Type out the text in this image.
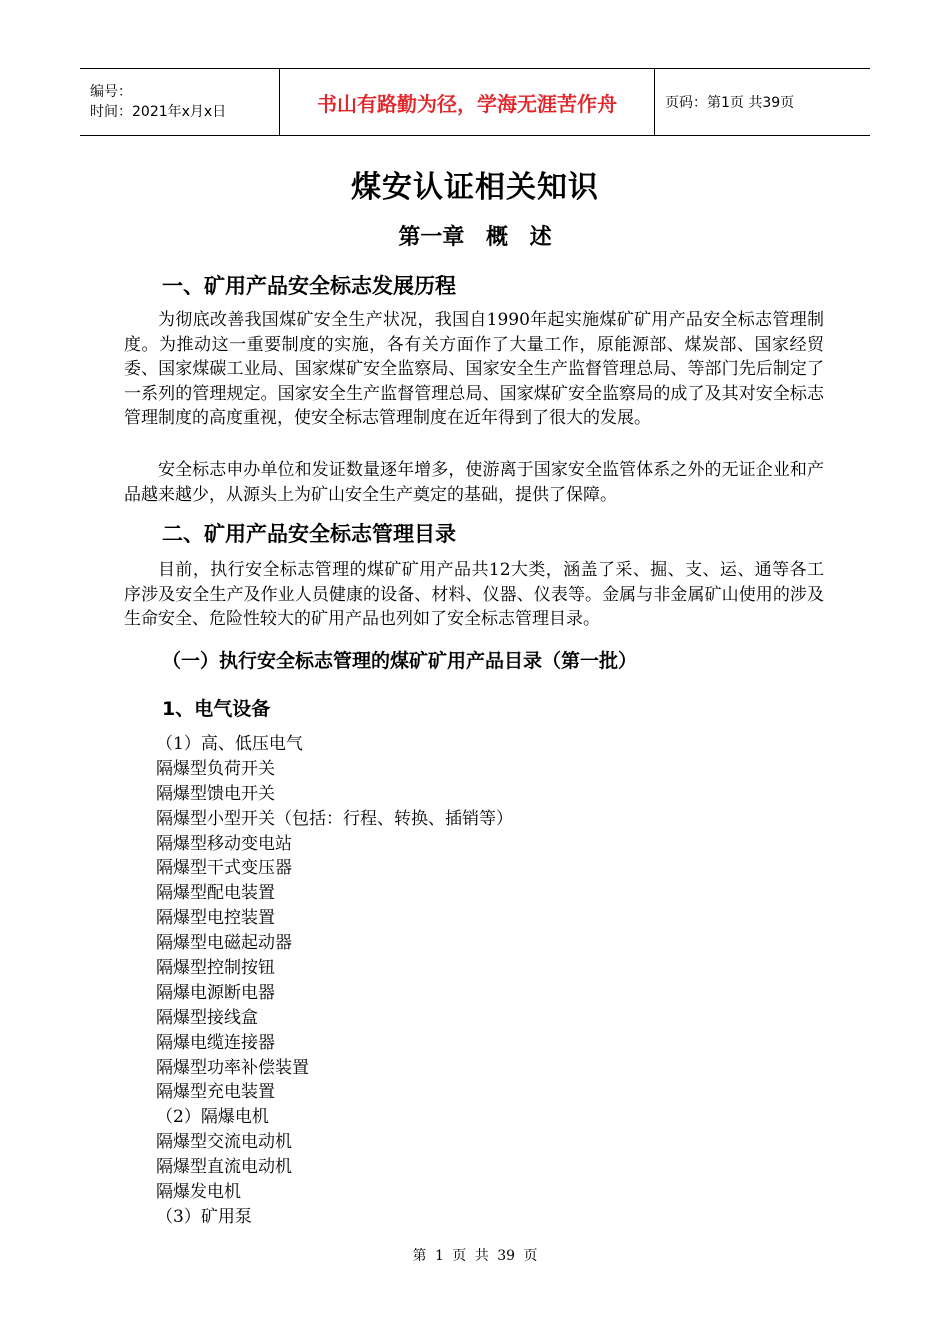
编号：
时间：2021年x月x日	书山有路勤为径，学海无涯苦作舟	页码：第1页 共39页
煤安认证相关知识
第一章 概 述
一、矿用产品安全标志发展历程
为彻底改善我国煤矿安全生产状况，我国自1990年起实施煤矿矿用产品安全标志管理制度。为推动这一重要制度的实施，各有关方面作了大量工作，原能源部、煤炭部、国家经贸委、国家煤碳工业局、国家煤矿安全监察局、国家安全生产监督管理总局、等部门先后制定了一系列的管理规定。国家安全生产监督管理总局、国家煤矿安全监察局的成了及其对安全标志管理制度的高度重视，使安全标志管理制度在近年得到了很大的发展。
安全标志申办单位和发证数量逐年增多，使游离于国家安全监管体系之外的无证企业和产品越来越少，从源头上为矿山安全生产奠定的基础，提供了保障。
二、矿用产品安全标志管理目录
目前，执行安全标志管理的煤矿矿用产品共12大类，涵盖了采、掘、支、运、通等各工序涉及安全生产及作业人员健康的设备、材料、仪器、仪表等。金属与非金属矿山使用的涉及生命安全、危险性较大的矿用产品也列如了安全标志管理目录。
（一）执行安全标志管理的煤矿矿用产品目录（第一批）
1、电气设备
（1）高、低压电气
隔爆型负荷开关
隔爆型馈电开关
隔爆型小型开关（包括：行程、转换、插销等）
隔爆型移动变电站
隔爆型干式变压器
隔爆型配电装置
隔爆型电控装置
隔爆型电磁起动器
隔爆型控制按钮
隔爆电源断电器
隔爆型接线盒
隔爆电缆连接器
隔爆型功率补偿装置
隔爆型充电装置
（2）隔爆电机
隔爆型交流电动机
隔爆型直流电动机
隔爆发电机
（3）矿用泵
第 1 页 共 39 页
